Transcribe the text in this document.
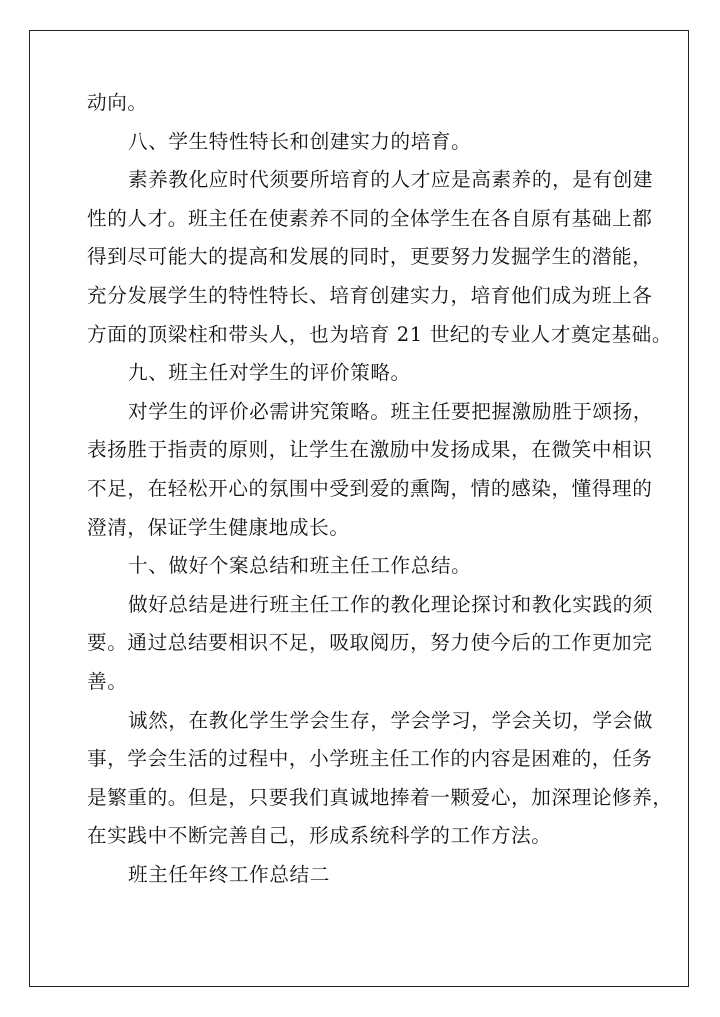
动向。
八、学生特性特长和创建实力的培育。
素养教化应时代须要所培育的人才应是高素养的，是有创建
性的人才。班主任在使素养不同的全体学生在各自原有基础上都
得到尽可能大的提高和发展的同时，更要努力发掘学生的潜能，
充分发展学生的特性特长、培育创建实力，培育他们成为班上各
方面的顶梁柱和带头人，也为培育 21 世纪的专业人才奠定基础。
九、班主任对学生的评价策略。
对学生的评价必需讲究策略。班主任要把握激励胜于颂扬，
表扬胜于指责的原则，让学生在激励中发扬成果，在微笑中相识
不足，在轻松开心的氛围中受到爱的熏陶，情的感染，懂得理的
澄清，保证学生健康地成长。
十、做好个案总结和班主任工作总结。
做好总结是进行班主任工作的教化理论探讨和教化实践的须
要。通过总结要相识不足，吸取阅历，努力使今后的工作更加完
善。
诚然，在教化学生学会生存，学会学习，学会关切，学会做
事，学会生活的过程中，小学班主任工作的内容是困难的，任务
是繁重的。但是，只要我们真诚地捧着一颗爱心，加深理论修养，
在实践中不断完善自己，形成系统科学的工作方法。
班主任年终工作总结二
